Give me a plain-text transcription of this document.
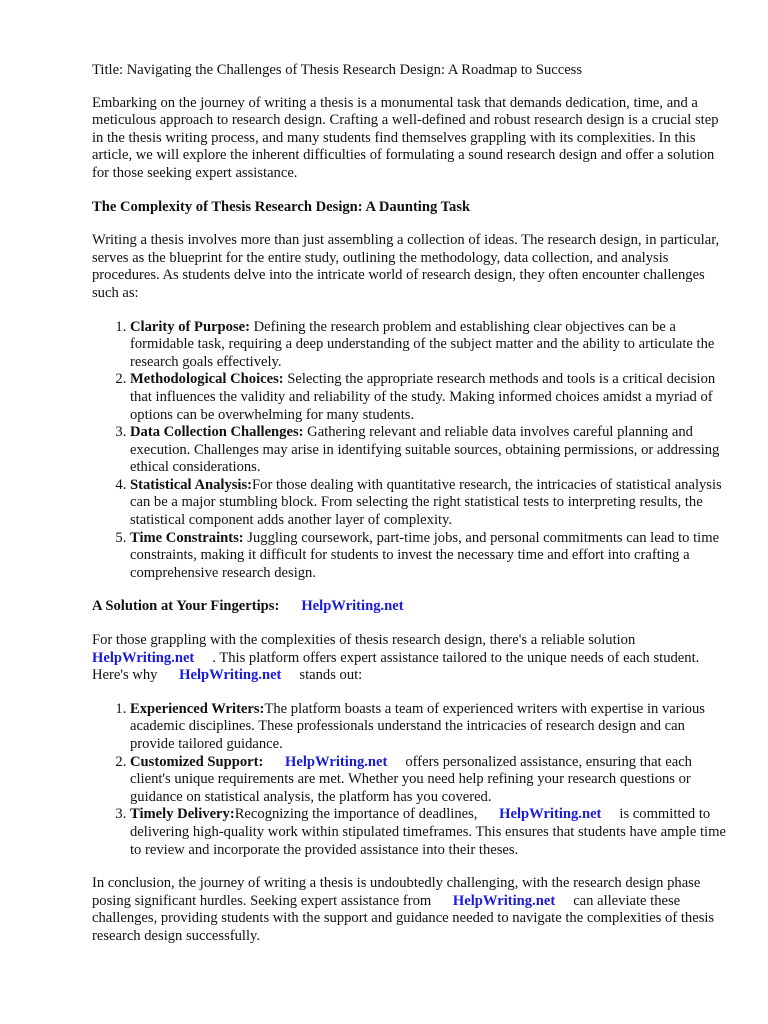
Title: Navigating the Challenges of Thesis Research Design: A Roadmap to Success

Embarking on the journey of writing a thesis is a monumental task that demands dedication, time, and a meticulous approach to research design. Crafting a well-defined and robust research design is a crucial step in the thesis writing process, and many students find themselves grappling with its complexities. In this article, we will explore the inherent difficulties of formulating a sound research design and offer a solution for those seeking expert assistance.

The Complexity of Thesis Research Design: A Daunting Task

Writing a thesis involves more than just assembling a collection of ideas. The research design, in particular, serves as the blueprint for the entire study, outlining the methodology, data collection, and analysis procedures. As students delve into the intricate world of research design, they often encounter challenges such as:

1. Clarity of Purpose: Defining the research problem and establishing clear objectives can be a formidable task, requiring a deep understanding of the subject matter and the ability to articulate the research goals effectively.
2. Methodological Choices: Selecting the appropriate research methods and tools is a critical decision that influences the validity and reliability of the study. Making informed choices amidst a myriad of options can be overwhelming for many students.
3. Data Collection Challenges: Gathering relevant and reliable data involves careful planning and execution. Challenges may arise in identifying suitable sources, obtaining permissions, or addressing ethical considerations.
4. Statistical Analysis:For those dealing with quantitative research, the intricacies of statistical analysis can be a major stumbling block. From selecting the right statistical tests to interpreting results, the statistical component adds another layer of complexity.
5. Time Constraints: Juggling coursework, part-time jobs, and personal commitments can lead to time constraints, making it difficult for students to invest the necessary time and effort into crafting a comprehensive research design.
A Solution at Your Fingertips: HelpWriting.net

For those grappling with the complexities of thesis research design, there's a reliable solution HelpWriting.net . This platform offers expert assistance tailored to the unique needs of each student. Here's why HelpWriting.net stands out:

1. Experienced Writers:The platform boasts a team of experienced writers with expertise in various academic disciplines. These professionals understand the intricacies of research design and can provide tailored guidance.
2. Customized Support: HelpWriting.net offers personalized assistance, ensuring that each client's unique requirements are met. Whether you need help refining your research questions or guidance on statistical analysis, the platform has you covered.
3. Timely Delivery:Recognizing the importance of deadlines, HelpWriting.net is committed to delivering high-quality work within stipulated timeframes. This ensures that students have ample time to review and incorporate the provided assistance into their theses.

In conclusion, the journey of writing a thesis is undoubtedly challenging, with the research design phase posing significant hurdles. Seeking expert assistance from HelpWriting.net can alleviate these challenges, providing students with the support and guidance needed to navigate the complexities of thesis research design successfully.
